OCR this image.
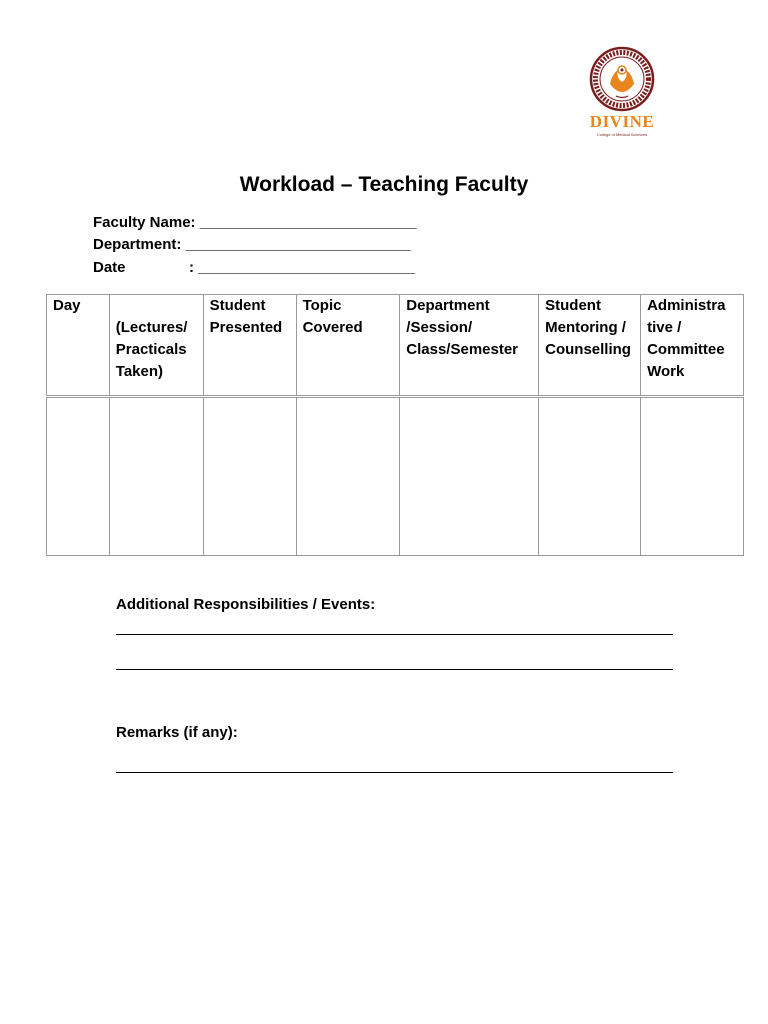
DIVINE
College of Medical Sciences
Workload – Teaching Faculty
Faculty Name: __________________________
Department: ___________________________
Date	: __________________________
Day	(Lectures/ Practicals Taken)	Student Presented	Topic Covered	Department /Session/ Class/Semester	Student Mentoring / Counselling	Administra tive / Committee Work

Additional Responsibilities / Events:
Remarks (if any):
